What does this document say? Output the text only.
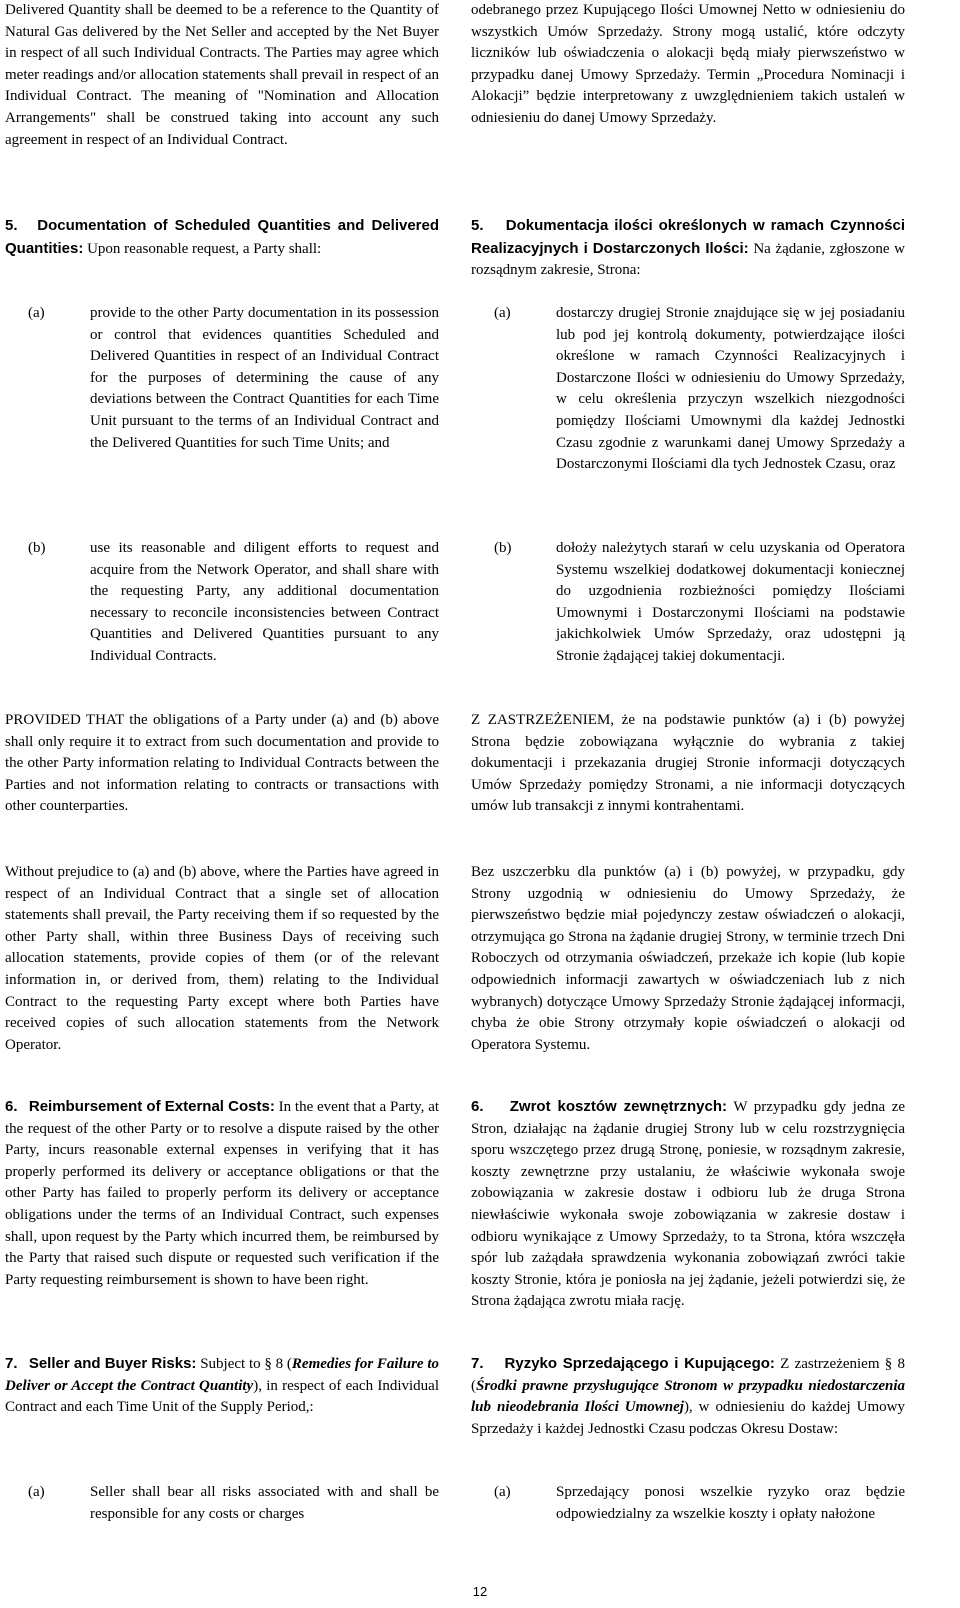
Delivered Quantity shall be deemed to be a reference to the Quantity of Natural Gas delivered by the Net Seller and accepted by the Net Buyer in respect of all such Individual Contracts. The Parties may agree which meter readings and/or allocation statements shall prevail in respect of an Individual Contract. The meaning of "Nomination and Allocation Arrangements" shall be construed taking into account any such agreement in respect of an Individual Contract.

5. Documentation of Scheduled Quantities and Delivered Quantities: Upon reasonable request, a Party shall:

(a)	provide to the other Party documentation in its possession or control that evidences quantities Scheduled and Delivered Quantities in respect of an Individual Contract for the purposes of determining the cause of any deviations between the Contract Quantities for each Time Unit pursuant to the terms of an Individual Contract and the Delivered Quantities for such Time Units; and
(b)	use its reasonable and diligent efforts to request and acquire from the Network Operator, and shall share with the requesting Party, any additional documentation necessary to reconcile inconsistencies between Contract Quantities and Delivered Quantities pursuant to any Individual Contracts.

PROVIDED THAT the obligations of a Party under (a) and (b) above shall only require it to extract from such documentation and provide to the other Party information relating to Individual Contracts between the Parties and not information relating to contracts or transactions with other counterparties.

Without prejudice to (a) and (b) above, where the Parties have agreed in respect of an Individual Contract that a single set of allocation statements shall prevail, the Party receiving them if so requested by the other Party shall, within three Business Days of receiving such allocation statements, provide copies of them (or of the relevant information in, or derived from, them) relating to the Individual Contract to the requesting Party except where both Parties have received copies of such allocation statements from the Network Operator.

6. Reimbursement of External Costs: In the event that a Party, at the request of the other Party or to resolve a dispute raised by the other Party, incurs reasonable external expenses in verifying that it has properly performed its delivery or acceptance obligations or that the other Party has failed to properly perform its delivery or acceptance obligations under the terms of an Individual Contract, such expenses shall, upon request by the Party which incurred them, be reimbursed by the Party that raised such dispute or requested such verification if the Party requesting reimbursement is shown to have been right.

7. Seller and Buyer Risks: Subject to § 8 (Remedies for Failure to Deliver or Accept the Contract Quantity), in respect of each Individual Contract and each Time Unit of the Supply Period,:

(a)	Seller shall bear all risks associated with and shall be responsible for any costs or charges

odebranego przez Kupującego Ilości Umownej Netto w odniesieniu do wszystkich Umów Sprzedaży. Strony mogą ustalić, które odczyty liczników lub oświadczenia o alokacji będą miały pierwszeństwo w przypadku danej Umowy Sprzedaży. Termin „Procedura Nominacji i Alokacji” będzie interpretowany z uwzględnieniem takich ustaleń w odniesieniu do danej Umowy Sprzedaży.

5. Dokumentacja ilości określonych w ramach Czynności Realizacyjnych i Dostarczonych Ilości: Na żądanie, zgłoszone w rozsądnym zakresie, Strona:

(a)	dostarczy drugiej Stronie znajdujące się w jej posiadaniu lub pod jej kontrolą dokumenty, potwierdzające ilości określone w ramach Czynności Realizacyjnych i Dostarczone Ilości w odniesieniu do Umowy Sprzedaży, w celu określenia przyczyn wszelkich niezgodności pomiędzy Ilościami Umownymi dla każdej Jednostki Czasu zgodnie z warunkami danej Umowy Sprzedaży a Dostarczonymi Ilościami dla tych Jednostek Czasu, oraz
(b)	dołoży należytych starań w celu uzyskania od Operatora Systemu wszelkiej dodatkowej dokumentacji koniecznej do uzgodnienia rozbieżności pomiędzy Ilościami Umownymi i Dostarczonymi Ilościami na podstawie jakichkolwiek Umów Sprzedaży, oraz udostępni ją Stronie żądającej takiej dokumentacji.

Z ZASTRZEŻENIEM, że na podstawie punktów (a) i (b) powyżej Strona będzie zobowiązana wyłącznie do wybrania z takiej dokumentacji i przekazania drugiej Stronie informacji dotyczących Umów Sprzedaży pomiędzy Stronami, a nie informacji dotyczących umów lub transakcji z innymi kontrahentami.

Bez uszczerbku dla punktów (a) i (b) powyżej, w przypadku, gdy Strony uzgodnią w odniesieniu do Umowy Sprzedaży, że pierwszeństwo będzie miał pojedynczy zestaw oświadczeń o alokacji, otrzymująca go Strona na żądanie drugiej Strony, w terminie trzech Dni Roboczych od otrzymania oświadczeń, przekaże ich kopie (lub kopie odpowiednich informacji zawartych w oświadczeniach lub z nich wybranych) dotyczące Umowy Sprzedaży Stronie żądającej informacji, chyba że obie Strony otrzymały kopie oświadczeń o alokacji od Operatora Systemu.

6. Zwrot kosztów zewnętrznych: W przypadku gdy jedna ze Stron, działając na żądanie drugiej Strony lub w celu rozstrzygnięcia sporu wszczętego przez drugą Stronę, poniesie, w rozsądnym zakresie, koszty zewnętrzne przy ustalaniu, że właściwie wykonała swoje zobowiązania w zakresie dostaw i odbioru lub że druga Strona niewłaściwie wykonała swoje zobowiązania w zakresie dostaw i odbioru wynikające z Umowy Sprzedaży, to ta Strona, która wszczęła spór lub zażądała sprawdzenia wykonania zobowiązań zwróci takie koszty Stronie, która je poniosła na jej żądanie, jeżeli potwierdzi się, że Strona żądająca zwrotu miała rację.

7. Ryzyko Sprzedającego i Kupującego: Z zastrzeżeniem § 8 (Środki prawne przysługujące Stronom w przypadku niedostarczenia lub nieodebrania Ilości Umownej), w odniesieniu do każdej Umowy Sprzedaży i każdej Jednostki Czasu podczas Okresu Dostaw:

(a)	Sprzedający ponosi wszelkie ryzyko oraz będzie odpowiedzialny za wszelkie koszty i opłaty nałożone
12
